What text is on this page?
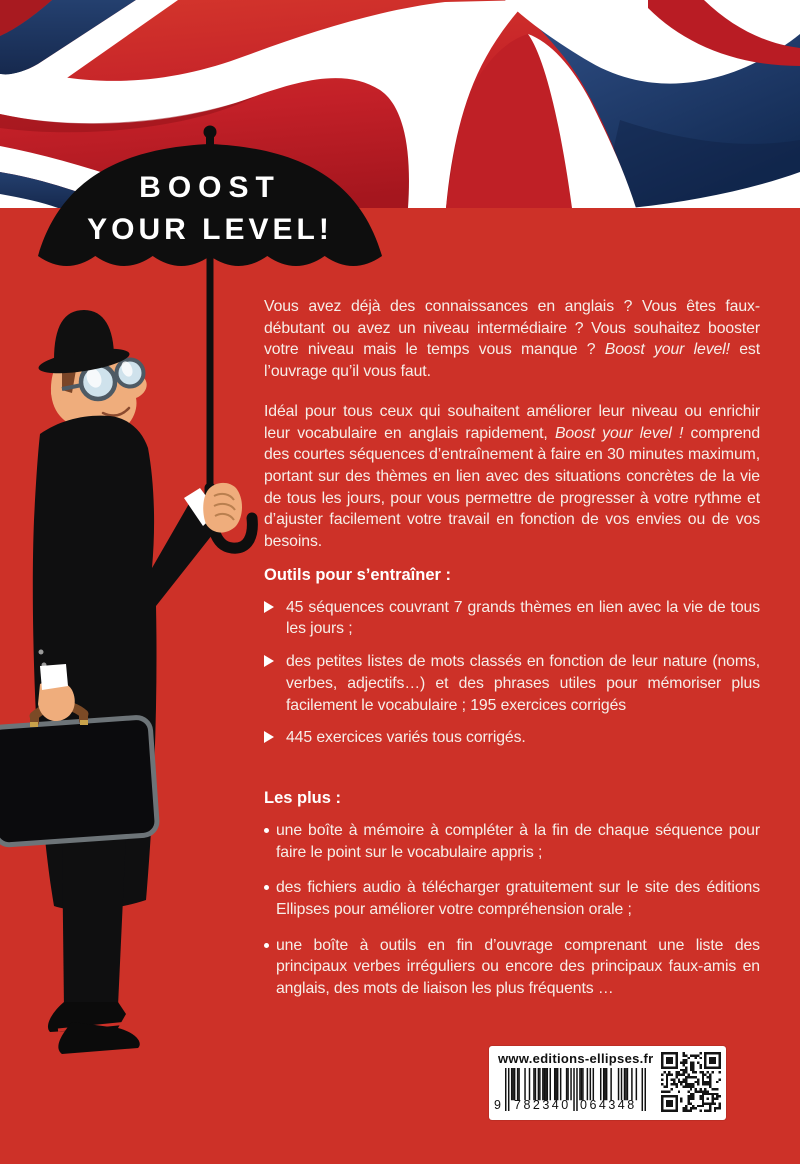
BOOST
YOUR LEVEL!

Vous avez déjà des connaissances en anglais ? Vous êtes faux-débutant ou avez un niveau intermédiaire ? Vous souhaitez booster votre niveau mais le temps vous manque ? Boost your level! est l’ouvrage qu’il vous faut.

Idéal pour tous ceux qui souhaitent améliorer leur niveau ou enrichir leur vocabulaire en anglais rapidement, Boost your level ! comprend des courtes séquences d’entraînement à faire en 30 minutes maximum, portant sur des thèmes en lien avec des situations concrètes de la vie de tous les jours, pour vous permettre de progresser à votre rythme et d’ajuster facilement votre travail en fonction de vos envies ou de vos besoins.

Outils pour s’entraîner :
45 séquences couvrant 7 grands thèmes en lien avec la vie de tous les jours ;
des petites listes de mots classés en fonction de leur nature (noms, verbes, adjectifs…) et des phrases utiles pour mémoriser plus facilement le vocabulaire ; 195 exercices corrigés
445 exercices variés tous corrigés.
Les plus :
une boîte à mémoire à compléter à la fin de chaque séquence pour faire le point sur le vocabulaire appris ;
des fichiers audio à télécharger gratuitement sur le site des éditions Ellipses pour améliorer votre compréhension orale ;
une boîte à outils en fin d’ouvrage comprenant une liste des principaux verbes irréguliers ou encore des principaux faux-amis en anglais, des mots de liaison les plus fréquents …
www.editions-ellipses.fr
9 782340 064348
